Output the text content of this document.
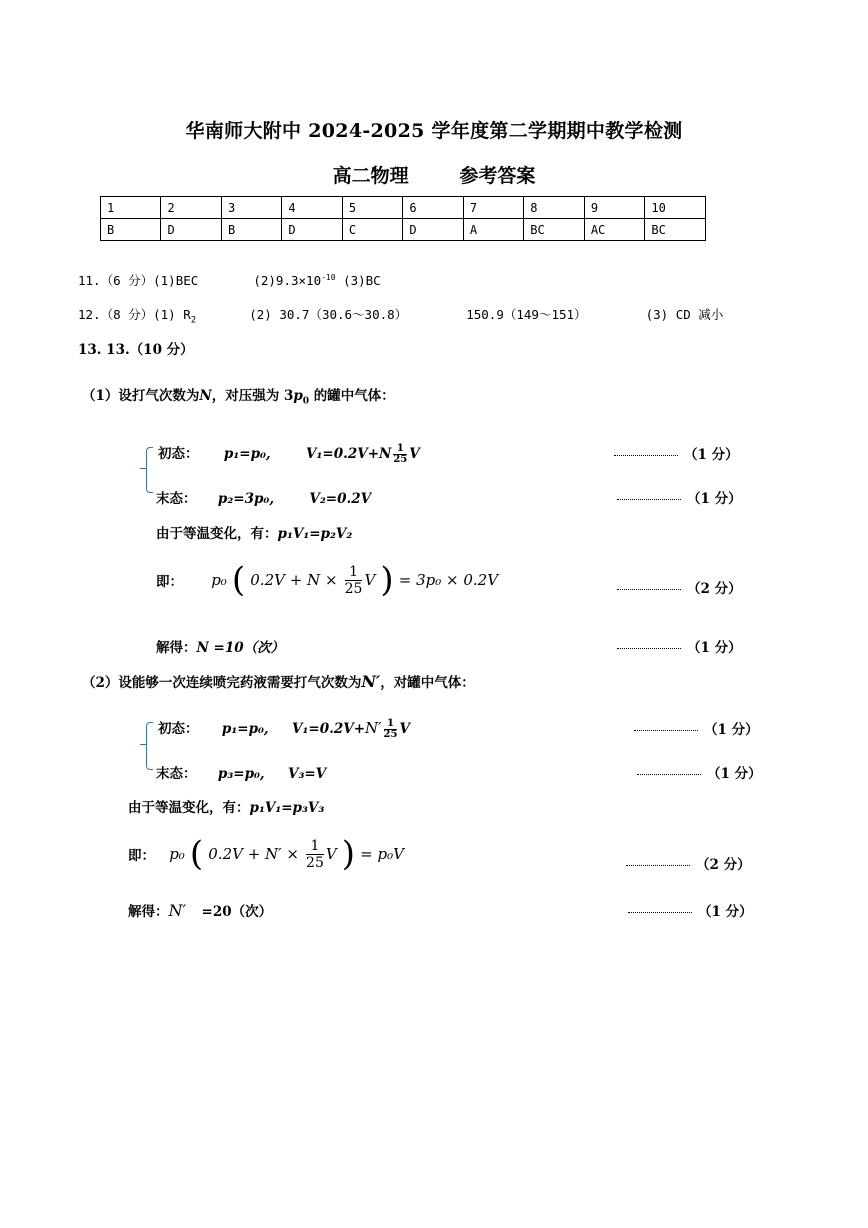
华南师大附中 2024-2025 学年度第二学期期中教学检测
高二物理	参考答案
1	2	3	4	5	6	7	8	9	10
B	D	B	D	C	D	A	BC	AC	BC
11.（6 分）(1)BEC	$(2)9.3\times 10^{-10}$ (3)BC
12.（8 分）(1) $R_2$	(2) 30.7（30.6～30.8）	150.9（149～151）	(3) CD 减小
13. 13.（10 分）
（1）设打气次数为N，对压强为 $3p_0$ 的罐中气体：
初态： p₁=p₀,	$V_1=0.2V+N \frac{1}{25}$ V	（1 分）
末态： p₂=3p₀,	V₂=0.2V	（1 分）
由于等温变化，有：p₁V₁=p₂V₂
即： p₀ ( $0.2V + N \times \frac{1}{25}$ V ) = 3p₀ × 0.2V	（2 分）
解得：N =10（次）	（1 分）
（2）设能够一次连续喷完药液需要打气次数为N′，对罐中气体：
初态： p₁=p₀, $V_1=0.2V+N' \frac{1}{25}$ V	（1 分）
末态： p₃=p₀, V₃=V	（1 分）
由于等温变化，有：p₁V₁=p₃V₃
即： p₀ ( $0.2V + N' \times \frac{1}{25}$ V ) = p₀V
（2 分）
解得：N′ =20（次）	（1 分）
